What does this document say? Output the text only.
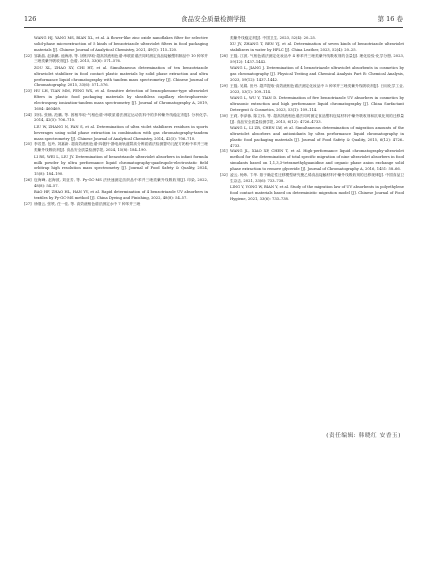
126	食品安全质量检测学报	第 16 卷
WANG HJ, YANG MS, BIAN XL, et al. A flower-like zinc oxide nanoflakes filter for selective solid-phase microextraction of 5 kinds of benzotriazole ultraviolet filters in food packaging materials [J]. Chinese Journal of Analytical Chemistry, 2021, 49(1): 115–120.
[22] 邹新晶, 赵新鹏, 池海涛, 等. 固相萃取-超高效液相色谱-串联质谱法同时测定食品接触塑料制品中 10 种苯并三唑类紫外吸收剂[J]. 色谱, 2015, 33(6): 571–576.
ZOU XL, ZHAO XY, CHI HT, et al. Simultaneous determination of ten benzotriazole ultraviolet stabilizer in food contact plastic materials by solid phase extraction and ultra performance liquid chromatography with tandem mass spectrometry [J]. Chinese Journal of Chromatography, 2015, 33(6): 571–576.
[23] HU LH, TIAN MM, FENG WX, et al. Sensitive detection of benzophenone-type ultraviolet filters in plastic food packaging materials by sheathless capillary electrophoresis-electrospray ionization-tandem mass spectrometry [J]. Journal of Chromatography A, 2019, 1604: 460469.
[24] 刘伟, 张楠, 范鹏, 等. 固相萃取-气相色谱-串联质谱法测定运动饮料中的多种紫外线稳定剂[J]. 分析化学, 2014, 42(5): 706–710.
LIU W, ZHANG N, FAN S, et al. Determination of ultra violet stabilizers residues in sports beverages using solid phase extraction in combination with gas chromatography-tandem mass spectrometry [J]. Chinese Journal of Analytical Chemistry, 2014, 42(5): 706–710.
[25] 李若思, 包玲, 刘嘉新. 超高效液相色谱-四极杆-静电场轨道阱高分辨质谱法检测婴幼儿配方奶粉中苯并三唑类紫外线吸收剂[J]. 食品安全质量检测学报, 2024, 15(8): 184–190.
LI RS, WEI L, LIU JY. Determination of benzotriazole ultraviolet absorbers in infant formula milk powder by ultra performance liquid chromatography-quadrupole-electrostatic field orbitrap high resolution mass spectrometry [J]. Journal of Food Safety & Quality, 2024, 15(8): 184–190.
[26] 包海峰, 赵海波, 刘亚芳, 等. Py-GC-MS 法快速测定纺织品中苯并三唑类紫外线吸收剂[J]. 印染, 2022, 48(8): 54–57.
BAO HF, ZHAO HL, HAN YY, et al. Rapid determination of 4 benzotriazole UV absorbers in textiles by Py-GC-MS method [J]. China Dyeing and Finishing, 2022, 48(8): 54–57.
[27] 徐继云, 张轶, 任一佳, 等. 高效液相色谱法测定水中 7 种苯并三唑
类紫外线稳定剂[J]. 中国卫生, 2023, 52(4): 20–25.
XU JY, ZHANG T, REN YJ, et al. Determination of seven kinds of benzotriazole ultraviolet stabilizers in water by HPLC [J]. China Leather, 2023, 52(4): 20–25.
[28] 王磊, 江波. 气相色谱法测定化妆品中 4 种苯并三唑类紫外线吸收剂的含量[J]. 理化检验-化学分册, 2023, 59(12): 1437–1442.
WANG L, JIANG J. Determination of 4 benzotriazole ultraviolet absorbents in cosmetics by gas chromatography [J]. Physical Testing and Chemical Analysis Part B: Chemical Analysis, 2023, 59(12): 1437–1442.
[29] 王磊, 吴娟, 田丹. 超声提取-高效液相色谱法测定化妆品中 5 种苯并三唑类紫外线吸收剂[J]. 日用化学工业, 2023, 53(1): 109–114.
WANG L, WU Y, TIAN D. Determination of five benzotriazole UV absorbers in cosmetics by ultrasonic extraction and high performance liquid chromatography [J]. China Surfactant Detergent & Cosmetics, 2023, 53(1): 109–114.
[30] 王莉, 李泽蓉, 陈立伟, 等. 超高效液相色谱法同时测定食品塑料包装材料中紫外吸收剂和抗氧化剂的迁移量[J]. 食品安全质量检测学报, 2015, 6(12): 4726–4733.
WANG L, LI ZR, CHEN LW, et al. Simultaneous determination of migration amounts of the ultraviolet absorbers and antioxidants by ultra performance liquid chromatography in plastic food packaging materials [J]. Journal of Food Safety & Quality, 2015, 6(12): 4726–4733.
[31] WANG JL, XIAO XP, CHEN T, et al. High-performance liquid chromatography-ultraviolet method for the determination of total specific migration of nine ultraviolet absorbers in food simulants based on 1,1,3,3-tetramethylguanidine and organic phase anion exchange solid phase extraction to remove glyceride [J]. Journal of Chromatography A, 2016, 1451: 58–66.
[32] 凌云, 杨炜, 卞华. 基于确定性迁移模型研究聚乙烯食品接触材料中紫外线吸收剂的迁移规律[J]. 中国食品卫生杂志, 2021, 33(6): 733–738.
LING Y, YONG W, BIAN Y, et al. Study of the migration law of UV absorbents in polyethylene food contact materials based on deterministic migration model [J]. Chinese Journal of Food Hygiene, 2021, 33(6): 733–738.
(责任编辑: 韩晓红 安香玉)
